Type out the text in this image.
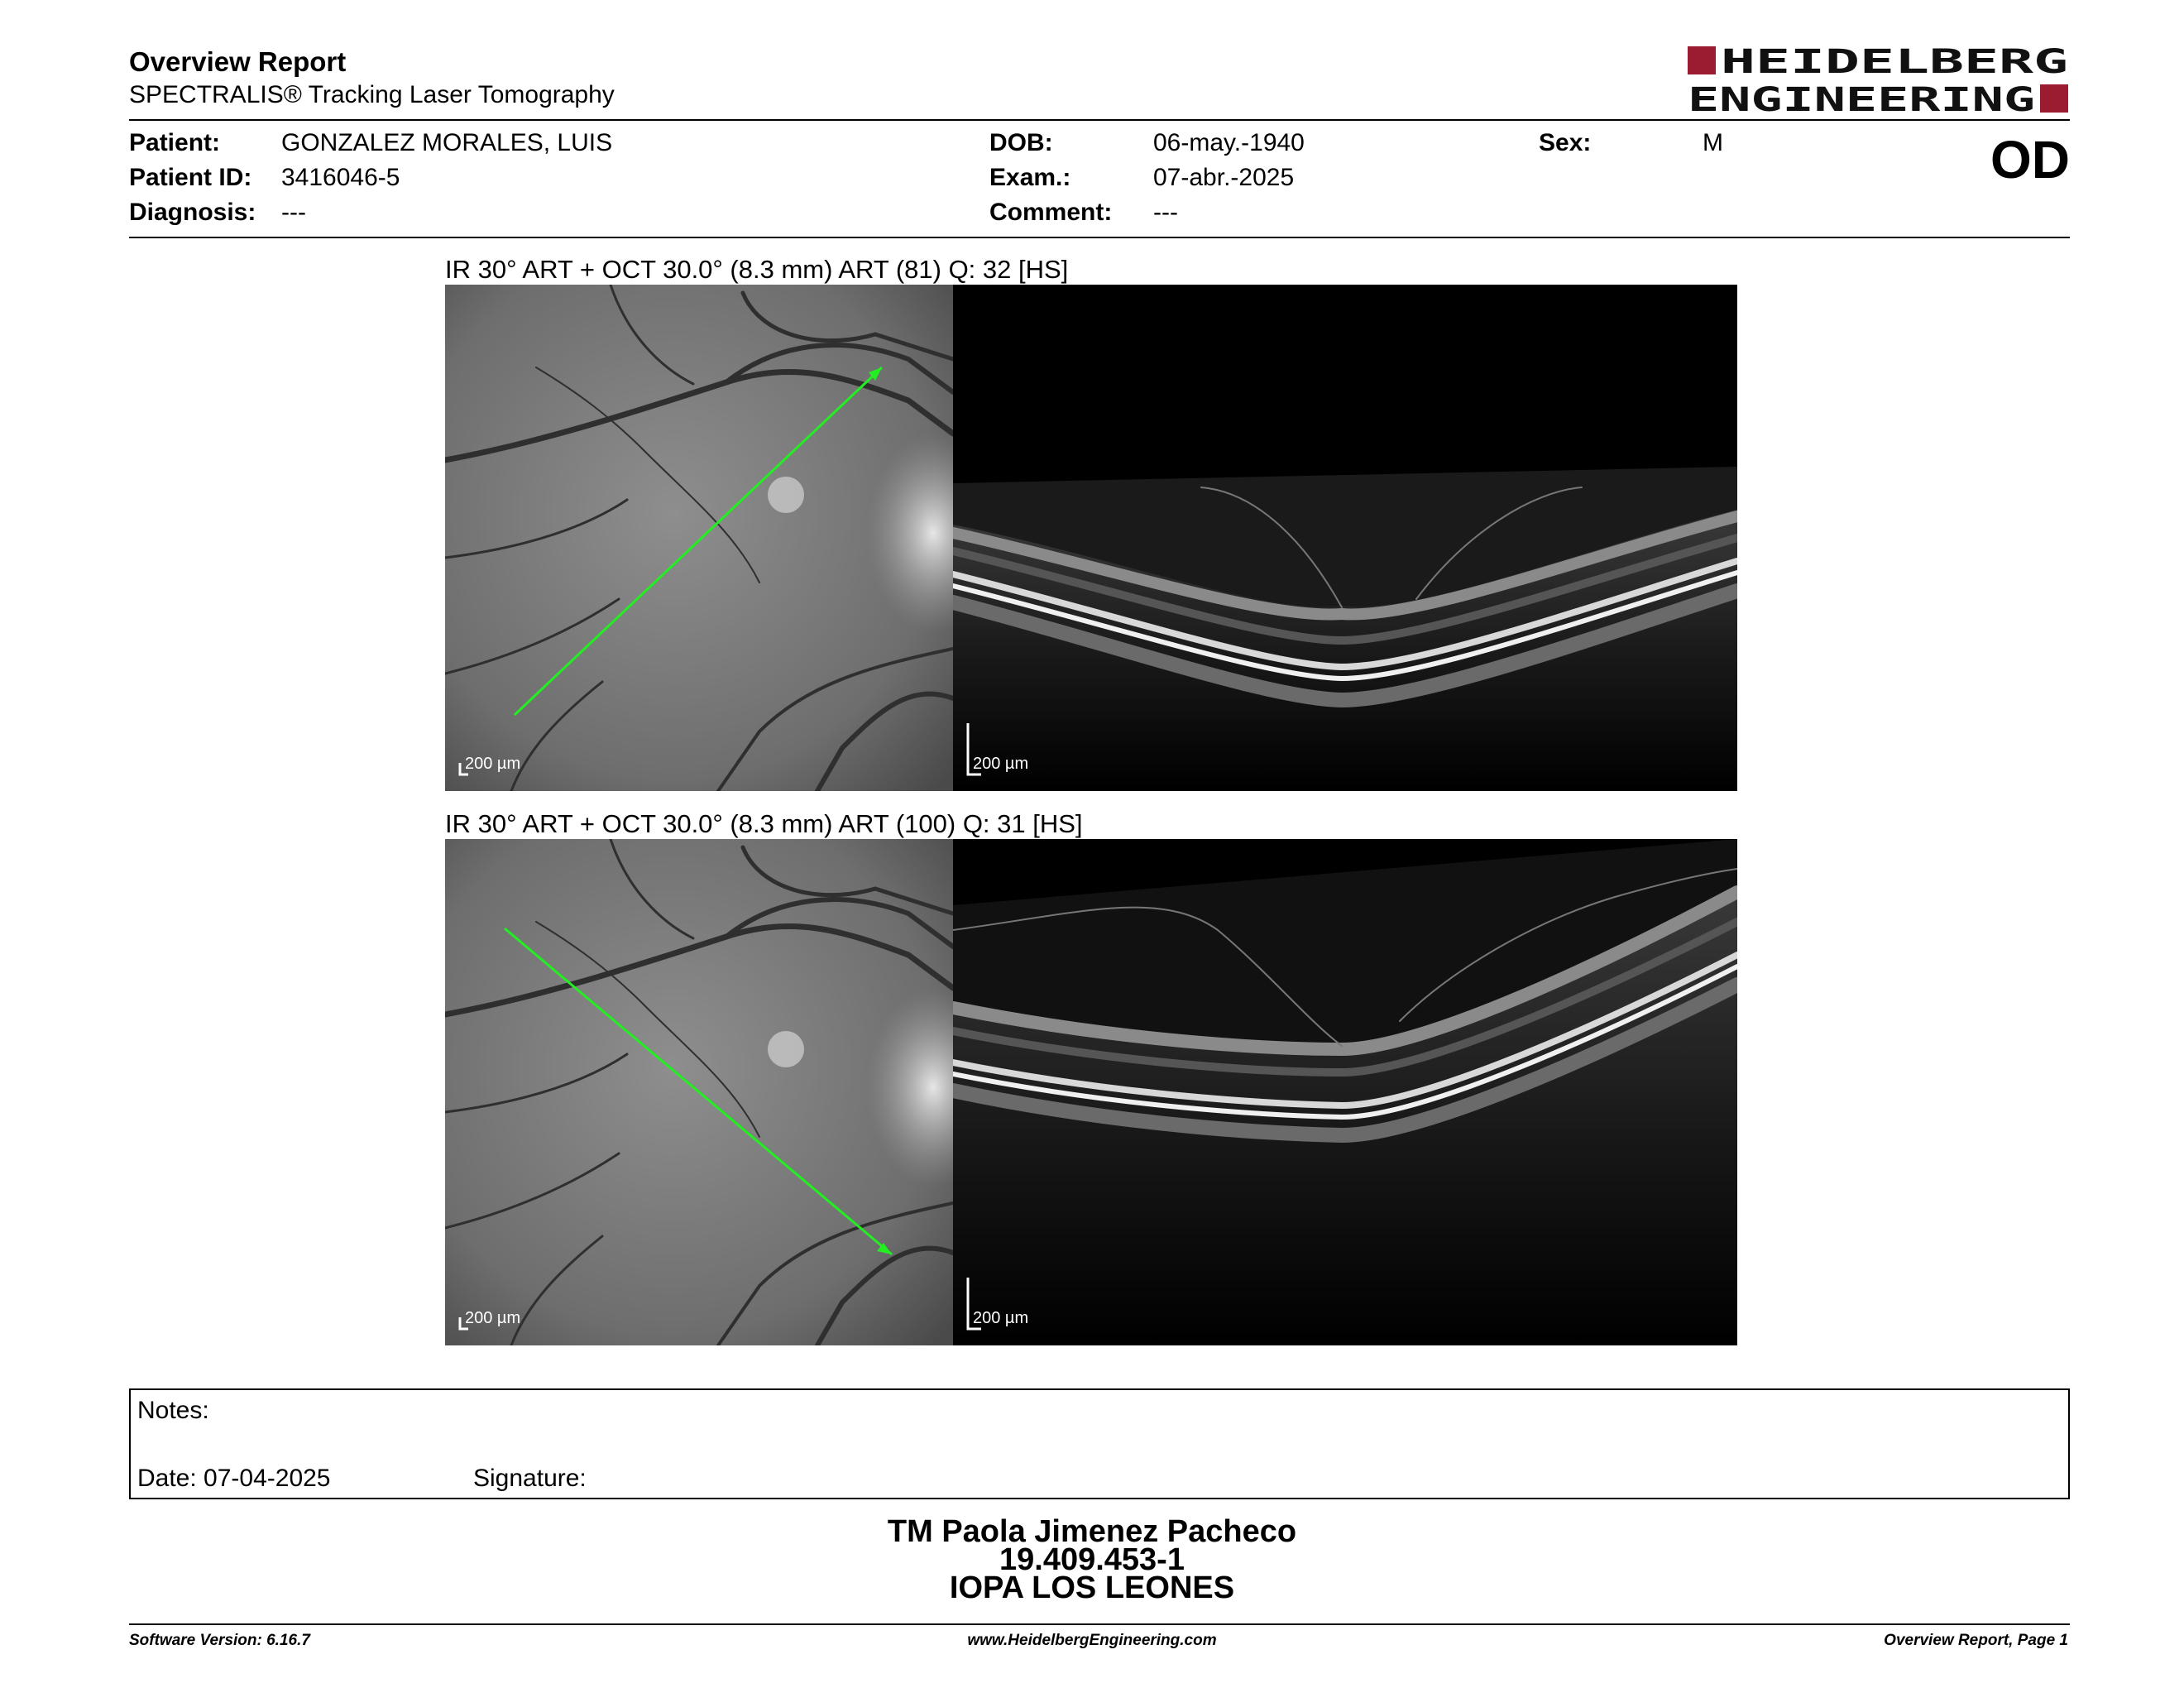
Overview Report
SPECTRALIS® Tracking Laser Tomography
HEIDELBERG
ENGINEERING
Patient: GONZALEZ MORALES, LUIS
Patient ID: 3416046-5
Diagnosis: ---
DOB:	06-may.-1940
Exam.:	07-abr.-2025
Comment: ---
Sex:	M	OD
IR 30° ART + OCT 30.0° (8.3 mm) ART (81) Q: 32 [HS]
200 µm	200 µm
IR 30° ART + OCT 30.0° (8.3 mm) ART (100) Q: 31 [HS]
200 µm	200 µm
Notes:
Date: 07-04-2025	Signature:
TM Paola Jimenez Pacheco
19.409.453-1
IOPA LOS LEONES
Software Version: 6.16.7	www.HeidelbergEngineering.com	Overview Report, Page 1
